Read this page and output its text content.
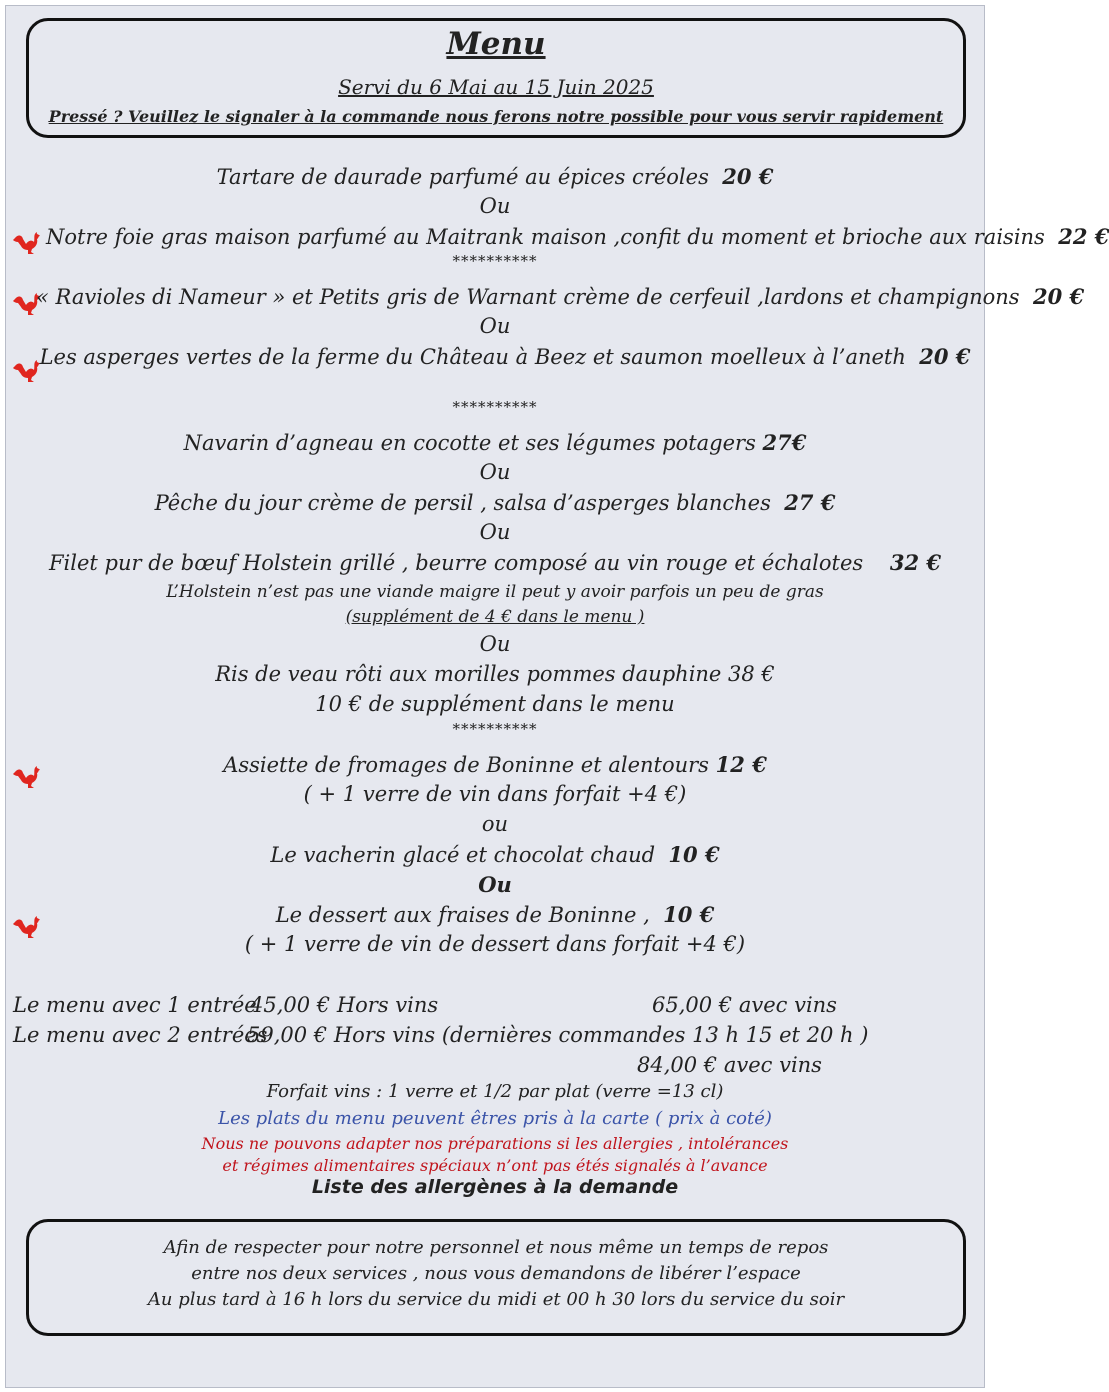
Menu
Servi du 6 Mai au 15 Juin 2025
Pressé ? Veuillez le signaler à la commande nous ferons notre possible pour vous servir rapidement
Tartare de daurade parfumé au épices créoles 20 €
Ou
Notre foie gras maison parfumé au Maitrank maison ,confit du moment et brioche aux raisins 22 €
**********
« Ravioles di Nameur » et Petits gris de Warnant crème de cerfeuil ,lardons et champignons 20 €
Ou
Les asperges vertes de la ferme du Château à Beez et saumon moelleux à l’aneth 20 €
**********
Navarin d’agneau en cocotte et ses légumes potagers 27€
Ou
Pêche du jour crème de persil , salsa d’asperges blanches 27 €
Ou
Filet pur de bœuf Holstein grillé , beurre composé au vin rouge et échalotes 32 €
L’Holstein n’est pas une viande maigre il peut y avoir parfois un peu de gras
(supplément de 4 € dans le menu )
Ou
Ris de veau rôti aux morilles pommes dauphine 38 €
10 € de supplément dans le menu
**********
Assiette de fromages de Boninne et alentours 12 €
( + 1 verre de vin dans forfait +4 €)
ou
Le vacherin glacé et chocolat chaud 10 €
Ou
Le dessert aux fraises de Boninne , 10 €
( + 1 verre de vin de dessert dans forfait +4 €)
Le menu avec 1 entrée
45,00 € Hors vins	65,00 € avec vins
Le menu avec 2 entrées
59,00 € Hors vins (dernières commandes 13 h 15 et 20 h )
84,00 € avec vins
Forfait vins : 1 verre et 1/2 par plat (verre =13 cl)
Les plats du menu peuvent êtres pris à la carte ( prix à coté)
Nous ne pouvons adapter nos préparations si les allergies , intolérances
et régimes alimentaires spéciaux n’ont pas étés signalés à l’avance
Liste des allergènes à la demande
Afin de respecter pour notre personnel et nous même un temps de repos
entre nos deux services , nous vous demandons de libérer l’espace
Au plus tard à 16 h lors du service du midi et 00 h 30 lors du service du soir
